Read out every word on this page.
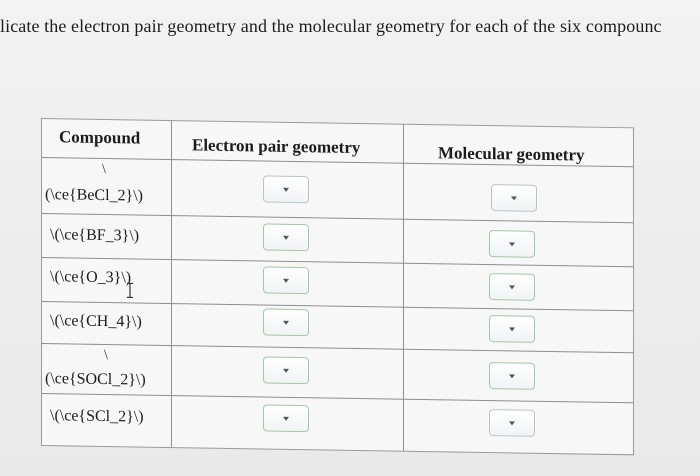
licate the electron pair geometry and the molecular geometry for each of the six compounc
Compound	Electron pair geometry	Molecular geometry
\
(\ce{BeCl_2}\)
\(\ce{BF_3}\)
\(\ce{O_3}\)
\(\ce{CH_4}\)
\
(\ce{SOCl_2}\)
\(\ce{SCl_2}\)
